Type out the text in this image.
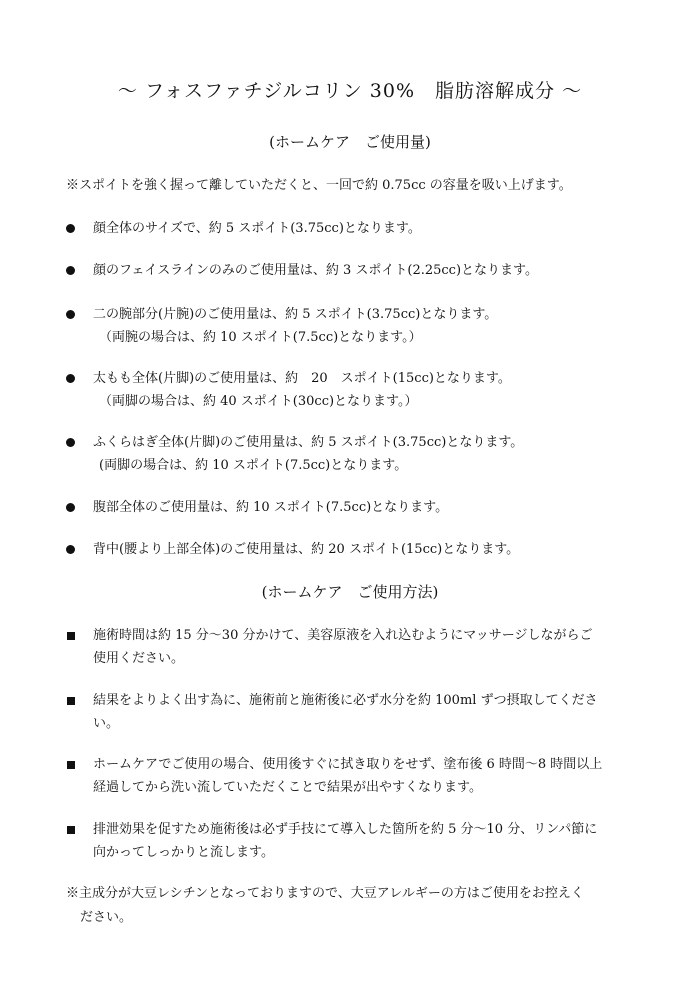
～ フォスファチジルコリン 30%　脂肪溶解成分 ～
(ホームケア　ご使用量)
※スポイトを強く握って離していただくと、一回で約 0.75cc の容量を吸い上げます。
顔全体のサイズで、約 5 スポイト(3.75cc)となります。
顔のフェイスラインのみのご使用量は、約 3 スポイト(2.25cc)となります。
二の腕部分(片腕)のご使用量は、約 5 スポイト(3.75cc)となります。
（両腕の場合は、約 10 スポイト(7.5cc)となります。）
太もも全体(片脚)のご使用量は、約　20　スポイト(15cc)となります。
（両脚の場合は、約 40 スポイト(30cc)となります。）
ふくらはぎ全体(片脚)のご使用量は、約 5 スポイト(3.75cc)となります。
(両脚の場合は、約 10 スポイト(7.5cc)となります。
腹部全体のご使用量は、約 10 スポイト(7.5cc)となります。
背中(腰より上部全体)のご使用量は、約 20 スポイト(15cc)となります。
(ホームケア　ご使用方法)
施術時間は約 15 分～30 分かけて、美容原液を入れ込むようにマッサージしながらご
使用ください。
結果をよりよく出す為に、施術前と施術後に必ず水分を約 100ml ずつ摂取してくださ
い。
ホームケアでご使用の場合、使用後すぐに拭き取りをせず、塗布後 6 時間～8 時間以上
経過してから洗い流していただくことで結果が出やすくなります。
排泄効果を促すため施術後は必ず手技にて導入した箇所を約 5 分～10 分、リンパ節に
向かってしっかりと流します。
※主成分が大豆レシチンとなっておりますので、大豆アレルギーの方はご使用をお控えく
ださい。
